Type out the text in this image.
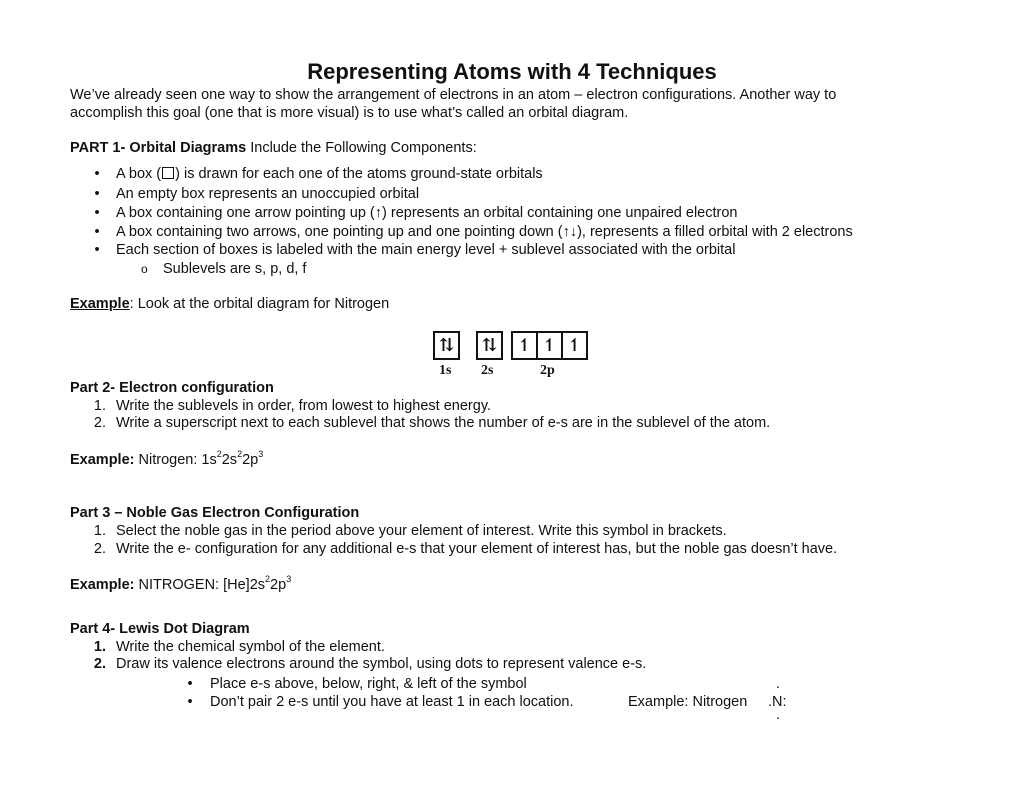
Representing Atoms with 4 Techniques
We’ve already seen one way to show the arrangement of electrons in an atom – electron configurations. Another way to
accomplish this goal (one that is more visual) is to use what’s called an orbital diagram.
PART 1- Orbital Diagrams Include the Following Components:
• A box ( ) is drawn for each one of the atoms ground-state orbitals
• An empty box represents an unoccupied orbital
• A box containing one arrow pointing up (↑) represents an orbital containing one unpaired electron
• A box containing two arrows, one pointing up and one pointing down (↑↓), represents a filled orbital with 2 electrons
• Each section of boxes is labeled with the main energy level + sublevel associated with the orbital
o Sublevels are s, p, d, f
Example: Look at the orbital diagram for Nitrogen
⇅ ⇅ ↿ ↿ ↿
1s 2s	2p
Part 2- Electron configuration
1. Write the sublevels in order, from lowest to highest energy.
2. Write a superscript next to each sublevel that shows the number of e-s are in the sublevel of the atom.
Example: Nitrogen: $1s^22s^22p^3$
Part 3 – Noble Gas Electron Configuration
1. Select the noble gas in the period above your element of interest. Write this symbol in brackets.
2. Write the e- configuration for any additional e-s that your element of interest has, but the noble gas doesn’t have.
Example: NITROGEN: $[He]2s^22p^3$
Part 4- Lewis Dot Diagram
1. Write the chemical symbol of the element.
2. Draw its valence electrons around the symbol, using dots to represent valence e-s.
• Place e-s above, below, right, & left of the symbol
• Don’t pair 2 e-s until you have at least 1 in each location.	Example: Nitrogen
.
.N:
.
